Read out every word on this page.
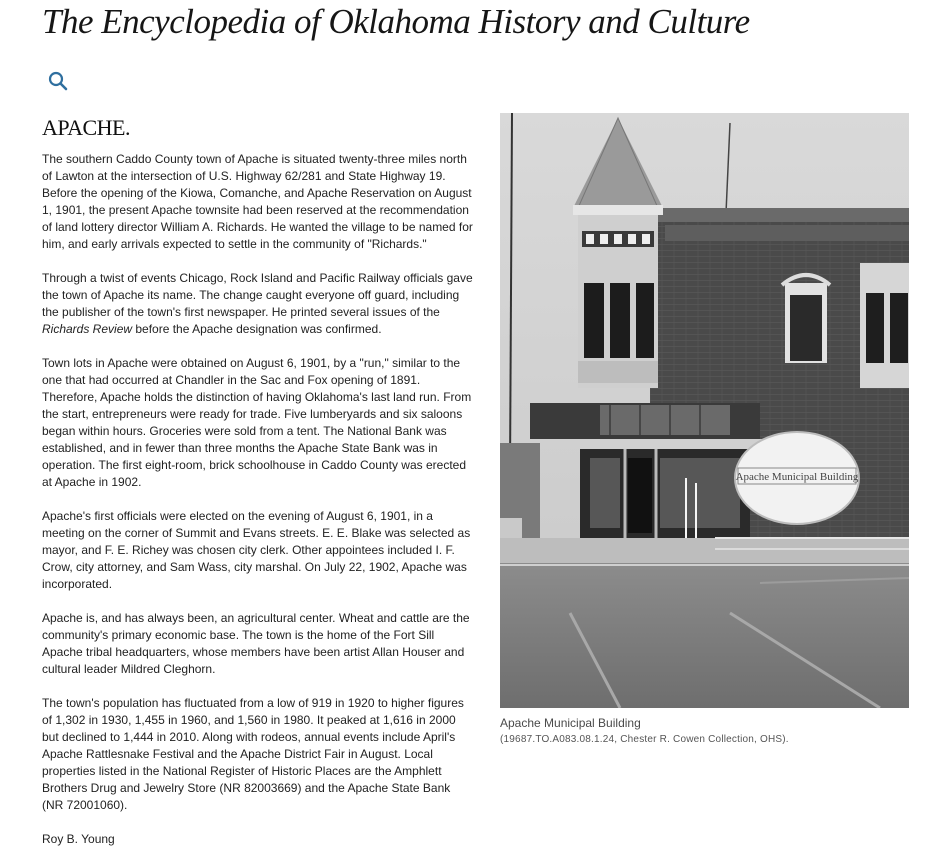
The Encyclopedia of Oklahoma History and Culture
APACHE.

The southern Caddo County town of Apache is situated twenty-three miles north of Lawton at the intersection of U.S. Highway 62/281 and State Highway 19. Before the opening of the Kiowa, Comanche, and Apache Reservation on August 1, 1901, the present Apache townsite had been reserved at the recommendation of land lottery director William A. Richards. He wanted the village to be named for him, and early arrivals expected to settle in the community of "Richards."

Through a twist of events Chicago, Rock Island and Pacific Railway officials gave the town of Apache its name. The change caught everyone off guard, including the publisher of the town's first newspaper. He printed several issues of the Richards Review before the Apache designation was confirmed.

Town lots in Apache were obtained on August 6, 1901, by a "run," similar to the one that had occurred at Chandler in the Sac and Fox opening of 1891. Therefore, Apache holds the distinction of having Oklahoma's last land run. From the start, entrepreneurs were ready for trade. Five lumberyards and six saloons began within hours. Groceries were sold from a tent. The National Bank was established, and in fewer than three months the Apache State Bank was in operation. The first eight-room, brick schoolhouse in Caddo County was erected at Apache in 1902.

Apache's first officials were elected on the evening of August 6, 1901, in a meeting on the corner of Summit and Evans streets. E. E. Blake was selected as mayor, and F. E. Richey was chosen city clerk. Other appointees included I. F. Crow, city attorney, and Sam Wass, city marshal. On July 22, 1902, Apache was incorporated.

Apache is, and has always been, an agricultural center. Wheat and cattle are the community's primary economic base. The town is the home of the Fort Sill Apache tribal headquarters, whose members have been artist Allan Houser and cultural leader Mildred Cleghorn.

The town's population has fluctuated from a low of 919 in 1920 to higher figures of 1,302 in 1930, 1,455 in 1960, and 1,560 in 1980. It peaked at 1,616 in 2000 but declined to 1,444 in 2010. Along with rodeos, annual events include April's Apache Rattlesnake Festival and the Apache District Fair in August. Local properties listed in the National Register of Historic Places are the Amphlett Brothers Drug and Jewelry Store (NR 82003669) and the Apache State Bank (NR 72001060).

Roy B. Young

Apache Municipal Building
Apache Municipal Building
(19687.TO.A083.08.1.24, Chester R. Cowen Collection, OHS).
